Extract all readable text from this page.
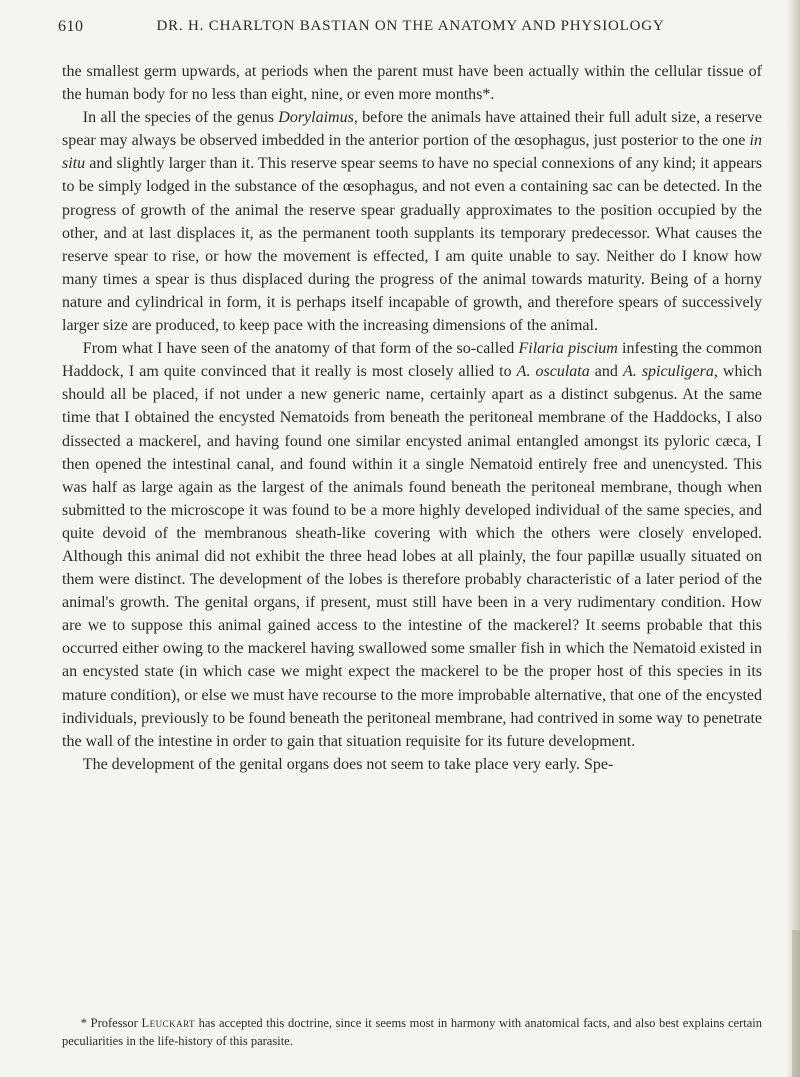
610	DR. H. CHARLTON BASTIAN ON THE ANATOMY AND PHYSIOLOGY

the smallest germ upwards, at periods when the parent must have been actually within the cellular tissue of the human body for no less than eight, nine, or even more months*.

In all the species of the genus Dorylaimus, before the animals have attained their full adult size, a reserve spear may always be observed imbedded in the anterior portion of the œsophagus, just posterior to the one in situ and slightly larger than it. This reserve spear seems to have no special connexions of any kind; it appears to be simply lodged in the substance of the œsophagus, and not even a containing sac can be detected. In the progress of growth of the animal the reserve spear gradually approximates to the position occupied by the other, and at last displaces it, as the permanent tooth supplants its temporary predecessor. What causes the reserve spear to rise, or how the movement is effected, I am quite unable to say. Neither do I know how many times a spear is thus displaced during the progress of the animal towards maturity. Being of a horny nature and cylindrical in form, it is perhaps itself incapable of growth, and therefore spears of successively larger size are produced, to keep pace with the increasing dimensions of the animal.

From what I have seen of the anatomy of that form of the so-called Filaria piscium infesting the common Haddock, I am quite convinced that it really is most closely allied to A. osculata and A. spiculigera, which should all be placed, if not under a new generic name, certainly apart as a distinct subgenus. At the same time that I obtained the encysted Nematoids from beneath the peritoneal membrane of the Haddocks, I also dissected a mackerel, and having found one similar encysted animal entangled amongst its pyloric cæca, I then opened the intestinal canal, and found within it a single Nematoid entirely free and unencysted. This was half as large again as the largest of the animals found beneath the peritoneal membrane, though when submitted to the microscope it was found to be a more highly developed individual of the same species, and quite devoid of the membranous sheath-like covering with which the others were closely enveloped. Although this animal did not exhibit the three head lobes at all plainly, the four papillæ usually situated on them were distinct. The development of the lobes is therefore probably characteristic of a later period of the animal's growth. The genital organs, if present, must still have been in a very rudimentary condition. How are we to suppose this animal gained access to the intestine of the mackerel? It seems probable that this occurred either owing to the mackerel having swallowed some smaller fish in which the Nematoid existed in an encysted state (in which case we might expect the mackerel to be the proper host of this species in its mature condition), or else we must have recourse to the more improbable alternative, that one of the encysted individuals, previously to be found beneath the peritoneal membrane, had contrived in some way to penetrate the wall of the intestine in order to gain that situation requisite for its future development.

The development of the genital organs does not seem to take place very early. Spe-

* Professor Leuckart has accepted this doctrine, since it seems most in harmony with anatomical facts, and also best explains certain peculiarities in the life-history of this parasite.
